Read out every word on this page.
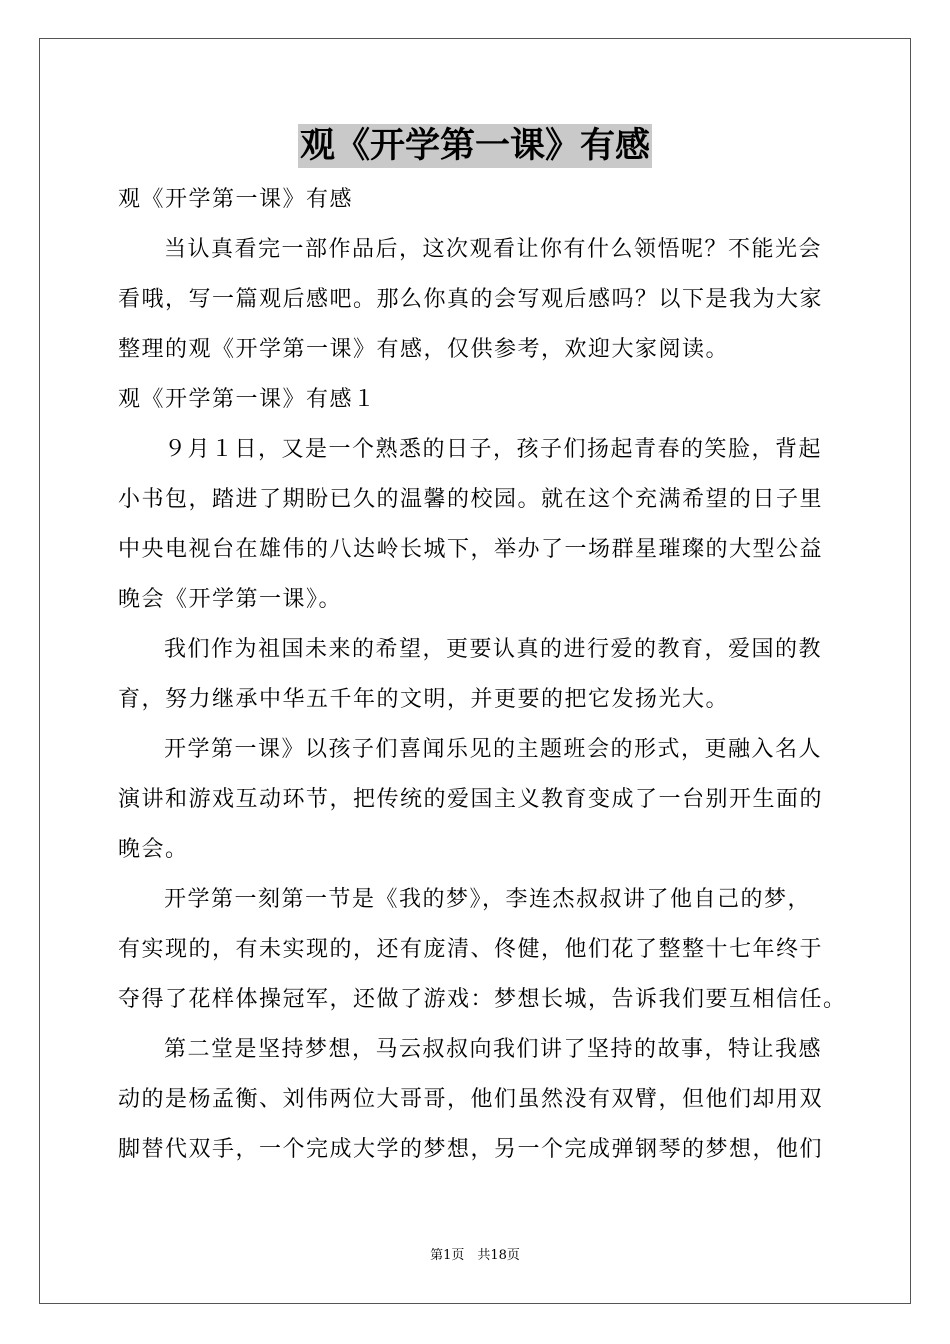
观《开学第一课》有感
观《开学第一课》有感
当认真看完一部作品后，这次观看让你有什么领悟呢？不能光会
看哦，写一篇观后感吧。那么你真的会写观后感吗？以下是我为大家
整理的观《开学第一课》有感，仅供参考，欢迎大家阅读。
观《开学第一课》有感１
９月１日，又是一个熟悉的日子，孩子们扬起青春的笑脸，背起
小书包，踏进了期盼已久的温馨的校园。就在这个充满希望的日子里
中央电视台在雄伟的八达岭长城下，举办了一场群星璀璨的大型公益
晚会《开学第一课》。
我们作为祖国未来的希望，更要认真的进行爱的教育，爱国的教
育，努力继承中华五千年的文明，并更要的把它发扬光大。
开学第一课》以孩子们喜闻乐见的主题班会的形式，更融入名人
演讲和游戏互动环节，把传统的爱国主义教育变成了一台别开生面的
晚会。
开学第一刻第一节是《我的梦》，李连杰叔叔讲了他自己的梦，
有实现的，有未实现的，还有庞清、佟健，他们花了整整十七年终于
夺得了花样体操冠军，还做了游戏：梦想长城，告诉我们要互相信任。
第二堂是坚持梦想，马云叔叔向我们讲了坚持的故事，特让我感
动的是杨孟衡、刘伟两位大哥哥，他们虽然没有双臂，但他们却用双
脚替代双手，一个完成大学的梦想，另一个完成弹钢琴的梦想，他们
第1页　共18页
